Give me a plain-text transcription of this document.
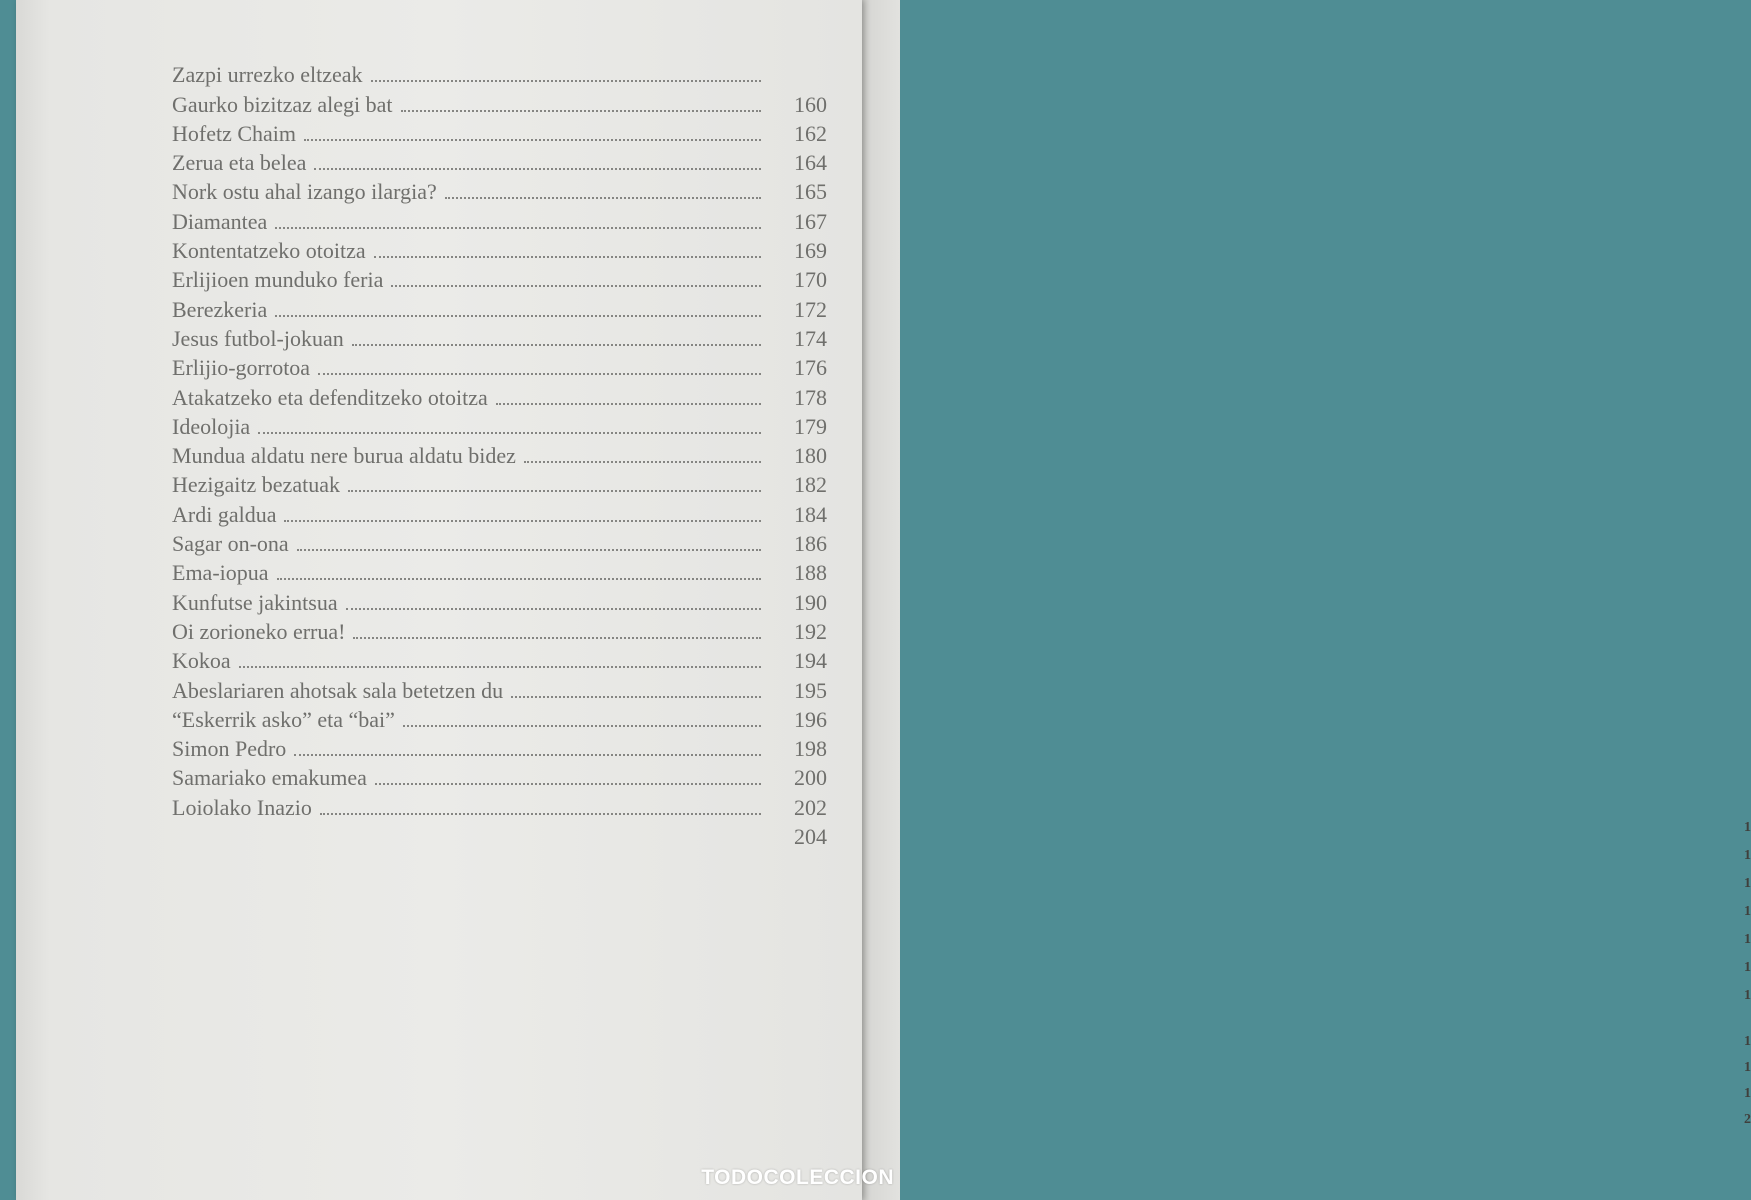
1
1
1
1
1
1
1
1
1
1
2
Zazpi urrezko eltzeak
Gaurko bizitzaz alegi bat	160
Hofetz Chaim	162
Zerua eta belea	164
Nork ostu ahal izango ilargia?	165
Diamantea	167
Kontentatzeko otoitza	169
Erlijioen munduko feria	170
Berezkeria	172
Jesus futbol-jokuan	174
Erlijio-gorrotoa	176
Atakatzeko eta defenditzeko otoitza	178
Ideolojia	179
Mundua aldatu nere burua aldatu bidez	180
Hezigaitz bezatuak	182
Ardi galdua	184
Sagar on-ona	186
Ema-iopua	188
Kunfutse jakintsua	190
Oi zorioneko errua!	192
Kokoa	194
Abeslariaren ahotsak sala betetzen du	195
“Eskerrik asko” eta “bai”	196
Simon Pedro	198
Samariako emakumea	200
Loiolako Inazio	202
204
TODOCOLECCION
